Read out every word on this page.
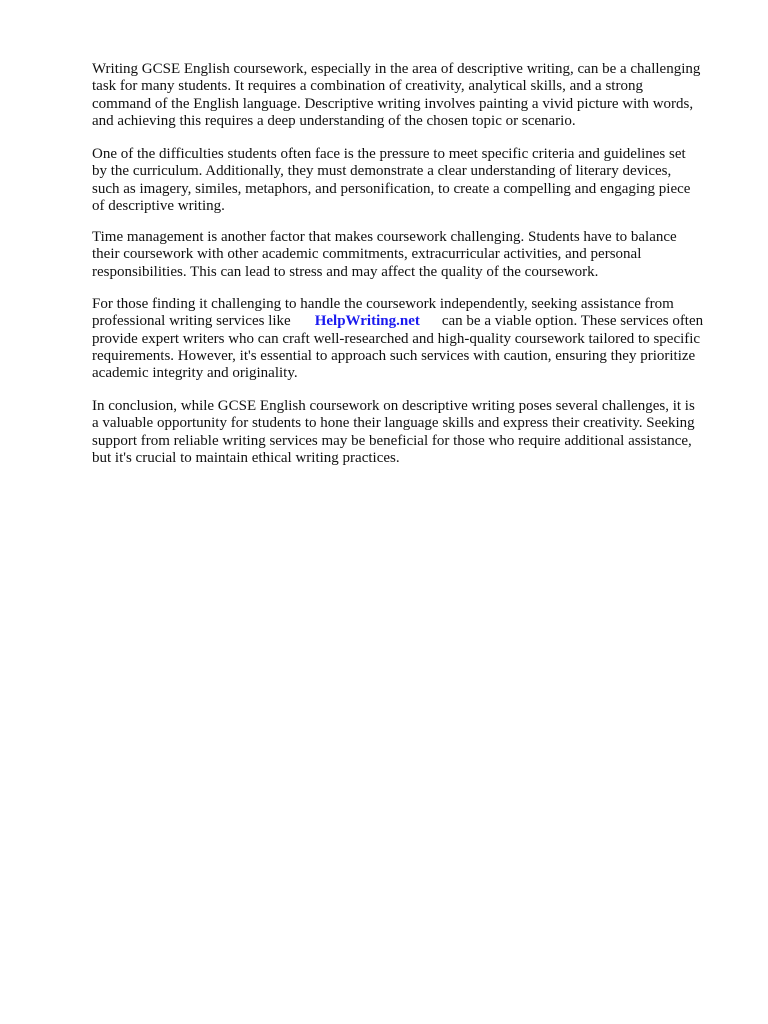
Writing GCSE English coursework, especially in the area of descriptive writing, can be a challenging
task for many students. It requires a combination of creativity, analytical skills, and a strong
command of the English language. Descriptive writing involves painting a vivid picture with words,
and achieving this requires a deep understanding of the chosen topic or scenario.

One of the difficulties students often face is the pressure to meet specific criteria and guidelines set
by the curriculum. Additionally, they must demonstrate a clear understanding of literary devices,
such as imagery, similes, metaphors, and personification, to create a compelling and engaging piece
of descriptive writing.

Time management is another factor that makes coursework challenging. Students have to balance
their coursework with other academic commitments, extracurricular activities, and personal
responsibilities. This can lead to stress and may affect the quality of the coursework.

For those finding it challenging to handle the coursework independently, seeking assistance from
professional writing services like HelpWriting.net can be a viable option. These services often
provide expert writers who can craft well-researched and high-quality coursework tailored to specific
requirements. However, it's essential to approach such services with caution, ensuring they prioritize
academic integrity and originality.

In conclusion, while GCSE English coursework on descriptive writing poses several challenges, it is
a valuable opportunity for students to hone their language skills and express their creativity. Seeking
support from reliable writing services may be beneficial for those who require additional assistance,
but it's crucial to maintain ethical writing practices.
